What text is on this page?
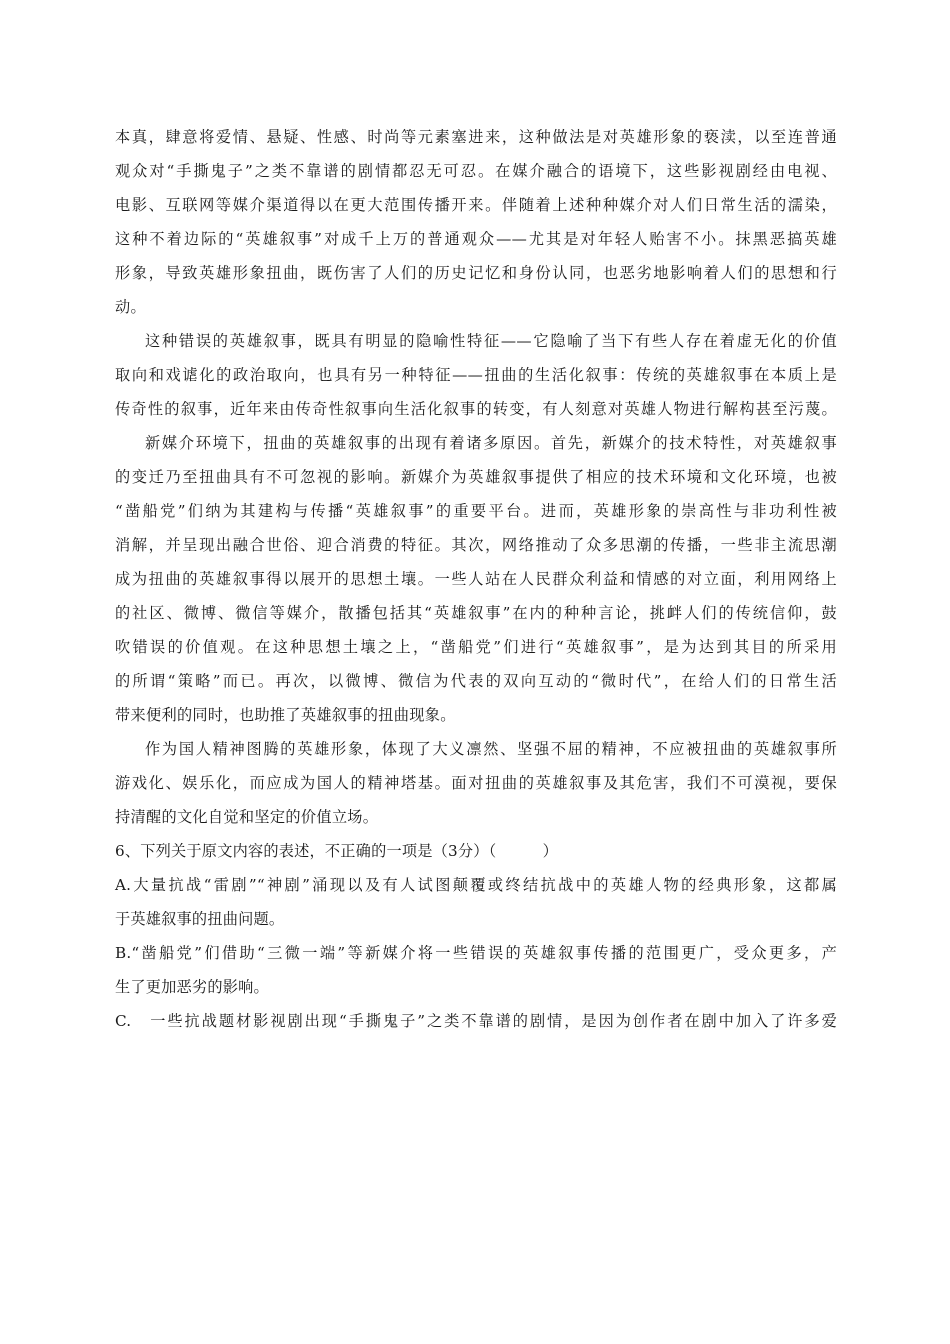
本真，肆意将爱情、悬疑、性感、时尚等元素塞进来，这种做法是对英雄形象的亵渎，以至连普通
观众对“手撕鬼子”之类不靠谱的剧情都忍无可忍。在媒介融合的语境下，这些影视剧经由电视、
电影、互联网等媒介渠道得以在更大范围传播开来。伴随着上述种种媒介对人们日常生活的濡染，
这种不着边际的“英雄叙事”对成千上万的普通观众——尤其是对年轻人贻害不小。抹黑恶搞英雄
形象，导致英雄形象扭曲，既伤害了人们的历史记忆和身份认同，也恶劣地影响着人们的思想和行
动。
这种错误的英雄叙事，既具有明显的隐喻性特征——它隐喻了当下有些人存在着虚无化的价值
取向和戏谑化的政治取向，也具有另一种特征——扭曲的生活化叙事：传统的英雄叙事在本质上是
传奇性的叙事，近年来由传奇性叙事向生活化叙事的转变，有人刻意对英雄人物进行解构甚至污蔑。
新媒介环境下，扭曲的英雄叙事的出现有着诸多原因。首先，新媒介的技术特性，对英雄叙事
的变迁乃至扭曲具有不可忽视的影响。新媒介为英雄叙事提供了相应的技术环境和文化环境，也被
“凿船党”们纳为其建构与传播“英雄叙事”的重要平台。进而，英雄形象的崇高性与非功利性被
消解，并呈现出融合世俗、迎合消费的特征。其次，网络推动了众多思潮的传播，一些非主流思潮
成为扭曲的英雄叙事得以展开的思想土壤。一些人站在人民群众利益和情感的对立面，利用网络上
的社区、微博、微信等媒介，散播包括其“英雄叙事”在内的种种言论，挑衅人们的传统信仰，鼓
吹错误的价值观。在这种思想土壤之上，“凿船党”们进行“英雄叙事”，是为达到其目的所采用
的所谓“策略”而已。再次，以微博、微信为代表的双向互动的“微时代”，在给人们的日常生活
带来便利的同时，也助推了英雄叙事的扭曲现象。
作为国人精神图腾的英雄形象，体现了大义凛然、坚强不屈的精神，不应被扭曲的英雄叙事所
游戏化、娱乐化，而应成为国人的精神塔基。面对扭曲的英雄叙事及其危害，我们不可漠视，要保
持清醒的文化自觉和坚定的价值立场。
6、下列关于原文内容的表述，不正确的一项是（3分）（　　　）
A.大量抗战“雷剧”“神剧”涌现以及有人试图颠覆或终结抗战中的英雄人物的经典形象，这都属
于英雄叙事的扭曲问题。
B.“凿船党”们借助“三微一端”等新媒介将一些错误的英雄叙事传播的范围更广，受众更多，产
生了更加恶劣的影响。
C.　一些抗战题材影视剧出现“手撕鬼子”之类不靠谱的剧情，是因为创作者在剧中加入了许多爱
